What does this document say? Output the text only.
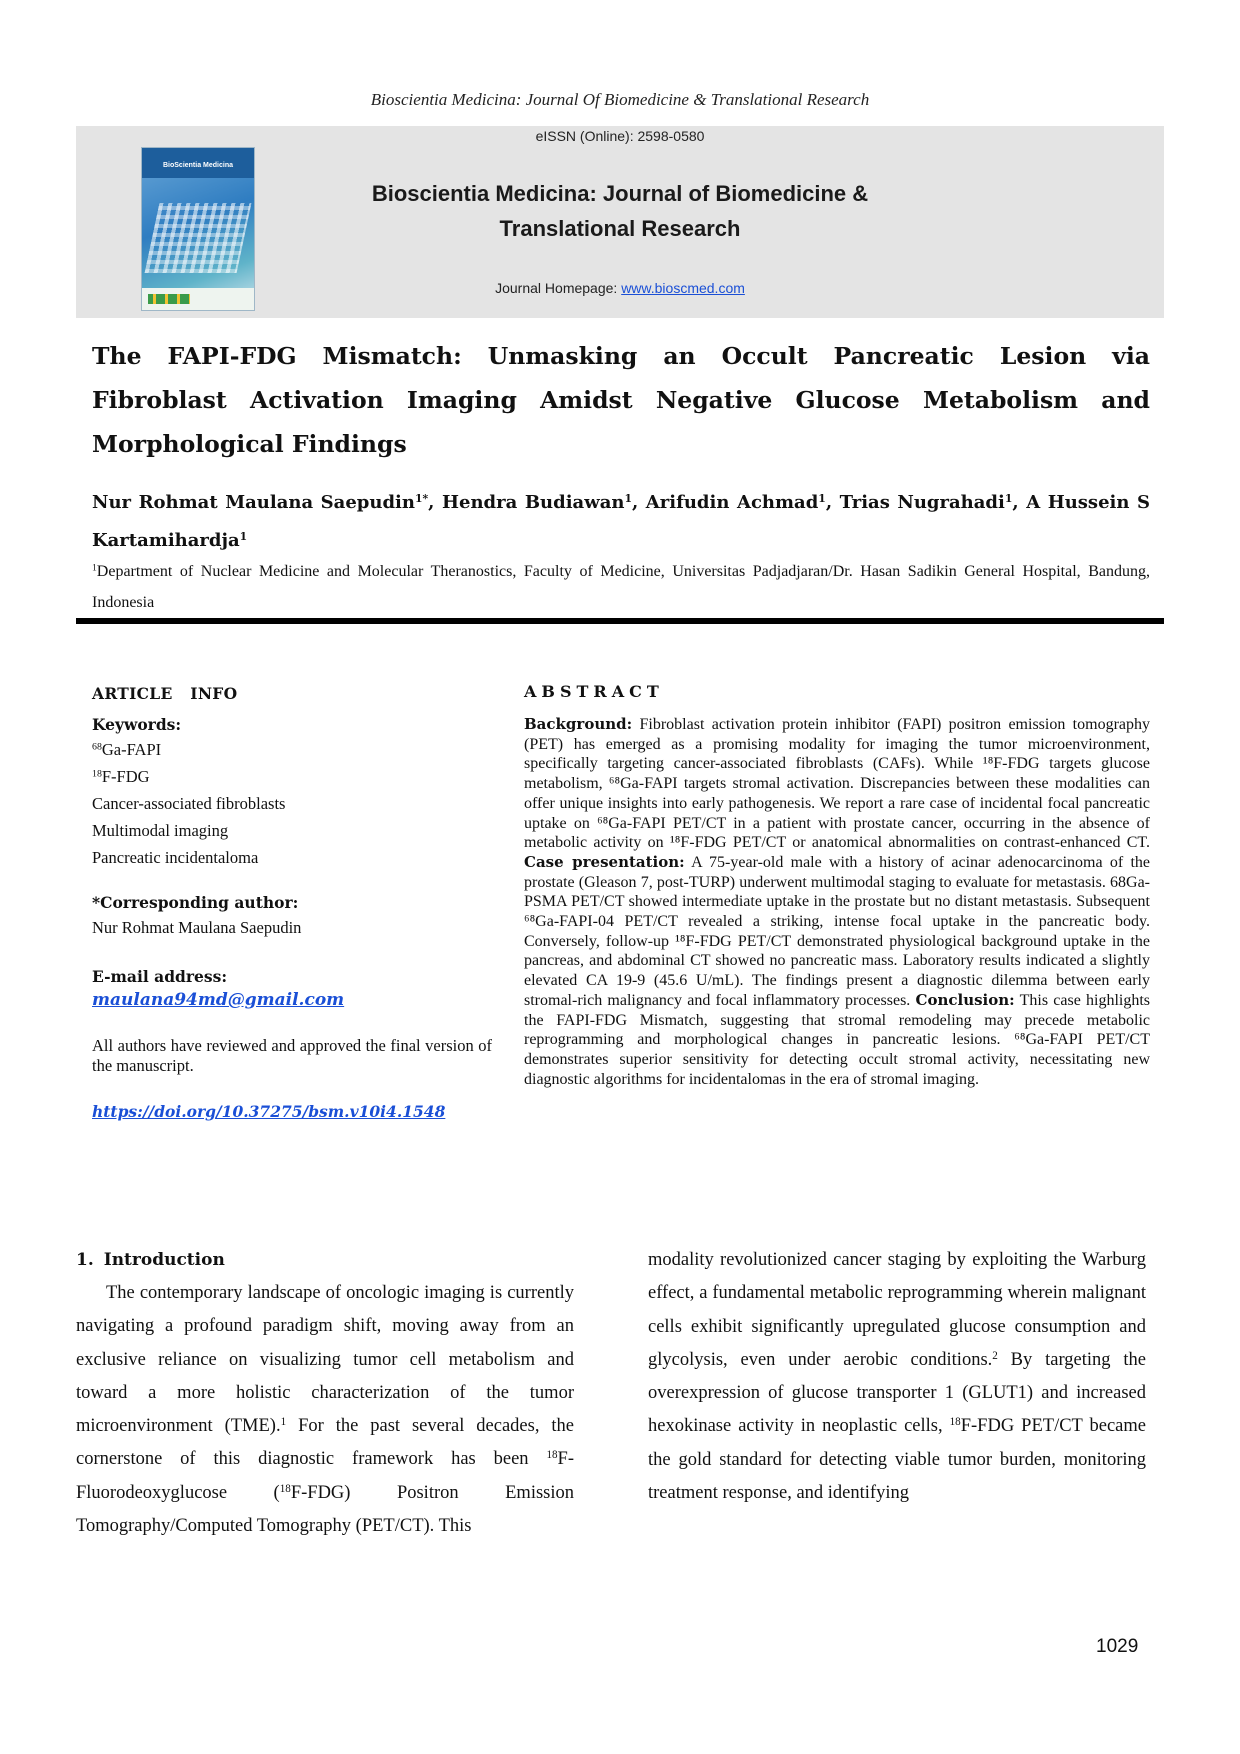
Bioscientia Medicina: Journal Of Biomedicine & Translational Research
eISSN (Online): 2598-0580
BioScientia Medicina
Bioscientia Medicina: Journal of Biomedicine &
Translational Research
Journal Homepage: www.bioscmed.com
The FAPI-FDG Mismatch: Unmasking an Occult Pancreatic Lesion via Fibroblast Activation Imaging Amidst Negative Glucose Metabolism and Morphological Findings
Nur Rohmat Maulana Saepudin$^{1*}$, Hendra Budiawan$^1$, Arifudin Achmad$^1$, Trias Nugrahadi$^1$, A Hussein S Kartamihardja$^1$
$^1$Department of Nuclear Medicine and Molecular Theranostics, Faculty of Medicine, Universitas Padjadjaran/Dr. Hasan Sadikin General Hospital, Bandung, Indonesia
ARTICLE INFO
Keywords:
$^{68}$Ga-FAPI
$^{18}$F-FDG
Cancer-associated fibroblasts
Multimodal imaging
Pancreatic incidentaloma
*Corresponding author:
Nur Rohmat Maulana Saepudin
E-mail address:
maulana94md@gmail.com
All authors have reviewed and approved the final version of the manuscript.
https://doi.org/10.37275/bsm.v10i4.1548
ABSTRACT

Background: Fibroblast activation protein inhibitor (FAPI) positron emission tomography (PET) has emerged as a promising modality for imaging the tumor microenvironment, specifically targeting cancer-associated fibroblasts (CAFs). While ¹⁸F-FDG targets glucose metabolism, ⁶⁸Ga-FAPI targets stromal activation. Discrepancies between these modalities can offer unique insights into early pathogenesis. We report a rare case of incidental focal pancreatic uptake on ⁶⁸Ga-FAPI PET/CT in a patient with prostate cancer, occurring in the absence of metabolic activity on ¹⁸F-FDG PET/CT or anatomical abnormalities on contrast-enhanced CT. Case presentation: A 75-year-old male with a history of acinar adenocarcinoma of the prostate (Gleason 7, post-TURP) underwent multimodal staging to evaluate for metastasis. 68Ga-PSMA PET/CT showed intermediate uptake in the prostate but no distant metastasis. Subsequent ⁶⁸Ga-FAPI-04 PET/CT revealed a striking, intense focal uptake in the pancreatic body. Conversely, follow-up ¹⁸F-FDG PET/CT demonstrated physiological background uptake in the pancreas, and abdominal CT showed no pancreatic mass. Laboratory results indicated a slightly elevated CA 19-9 (45.6 U/mL). The findings present a diagnostic dilemma between early stromal-rich malignancy and focal inflammatory processes. Conclusion: This case highlights the FAPI-FDG Mismatch, suggesting that stromal remodeling may precede metabolic reprogramming and morphological changes in pancreatic lesions. ⁶⁸Ga-FAPI PET/CT demonstrates superior sensitivity for detecting occult stromal activity, necessitating new diagnostic algorithms for incidentalomas in the era of stromal imaging.

1. Introduction

The contemporary landscape of oncologic imaging is currently navigating a profound paradigm shift, moving away from an exclusive reliance on visualizing tumor cell metabolism and toward a more holistic characterization of the tumor microenvironment (TME).$^1$ For the past several decades, the cornerstone of this diagnostic framework has been $^{18}$F-Fluorodeoxyglucose ($^{18}$F-FDG) Positron Emission Tomography/Computed Tomography (PET/CT). This

modality revolutionized cancer staging by exploiting the Warburg effect, a fundamental metabolic reprogramming wherein malignant cells exhibit significantly upregulated glucose consumption and glycolysis, even under aerobic conditions.$^2$ By targeting the overexpression of glucose transporter 1 (GLUT1) and increased hexokinase activity in neoplastic cells, $^{18}$F-FDG PET/CT became the gold standard for detecting viable tumor burden, monitoring treatment response, and identifying

1029
